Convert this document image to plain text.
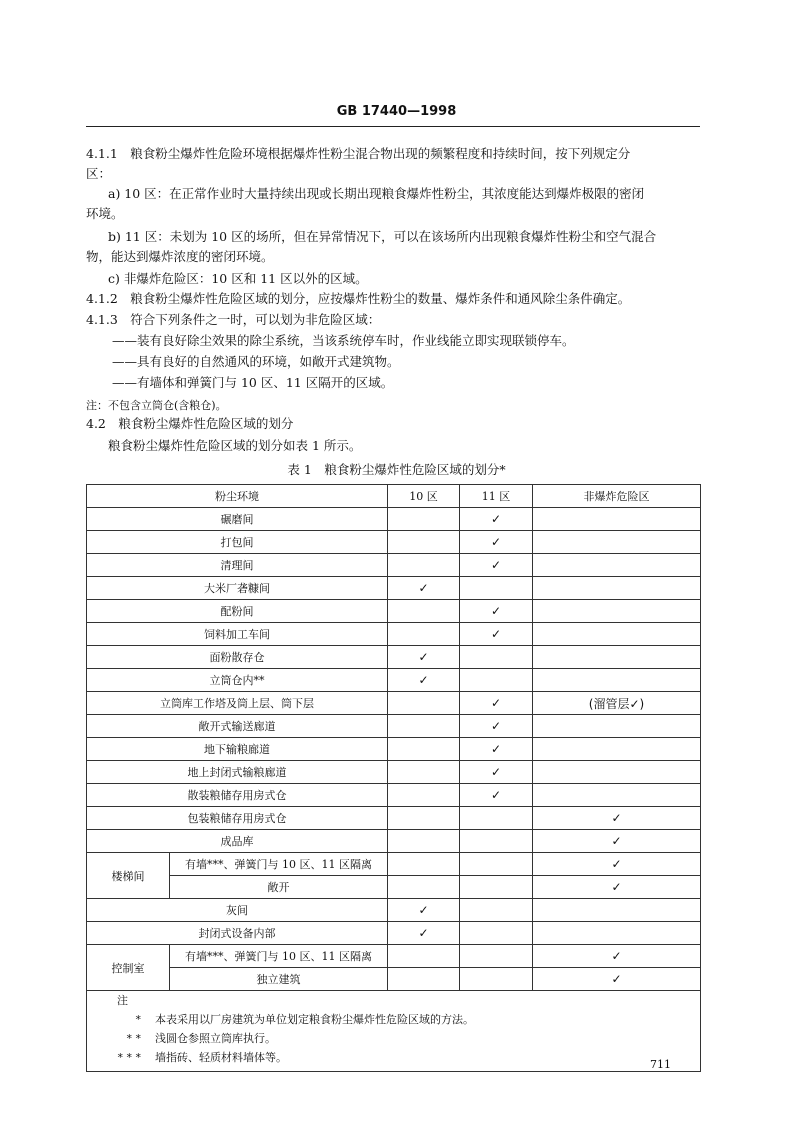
GB 17440—1998
4.1.1　粮食粉尘爆炸性危险环境根据爆炸性粉尘混合物出现的频繁程度和持续时间，按下列规定分
区：
a) 10 区：在正常作业时大量持续出现或长期出现粮食爆炸性粉尘，其浓度能达到爆炸极限的密闭
环境。
b) 11 区：未划为 10 区的场所，但在异常情况下，可以在该场所内出现粮食爆炸性粉尘和空气混合
物，能达到爆炸浓度的密闭环境。
c) 非爆炸危险区：10 区和 11 区以外的区域。
4.1.2　粮食粉尘爆炸性危险区域的划分，应按爆炸性粉尘的数量、爆炸条件和通风除尘条件确定。
4.1.3　符合下列条件之一时，可以划为非危险区域：
——装有良好除尘效果的除尘系统，当该系统停车时，作业线能立即实现联锁停车。
——具有良好的自然通风的环境，如敞开式建筑物。
——有墙体和弹簧门与 10 区、11 区隔开的区域。
注：不包含立筒仓(含粮仓)。
4.2　粮食粉尘爆炸性危险区域的划分
粮食粉尘爆炸性危险区域的划分如表 1 所示。
表 1　粮食粉尘爆炸性危险区域的划分*
粉尘环境		10 区	11 区	非爆炸危险区
碾磨间			✓	
打包间			✓	
清理间			✓	
大米厂砻糠间		✓		
配粉间			✓	
饲料加工车间			✓	
面粉散存仓		✓		
立筒仓内**		✓		
立筒库工作塔及筒上层、筒下层			✓	(溜管层✓)
敞开式输送廊道			✓	
地下输粮廊道			✓	
地上封闭式输粮廊道			✓	
散装粮储存用房式仓			✓	
包装粮储存用房式仓				✓
成品库				✓
楼梯间	有墙***、弹簧门与 10 区、11 区隔离			✓
	敞开			✓
灰间		✓		
封闭式设备内部		✓		
控制室	有墙***、弹簧门与 10 区、11 区隔离			✓
	独立建筑			✓

注
* 本表采用以厂房建筑为单位划定粮食粉尘爆炸性危险区域的方法。
* * 浅圆仓参照立筒库执行。
* * * 墙指砖、轻质材料墙体等。				
711
